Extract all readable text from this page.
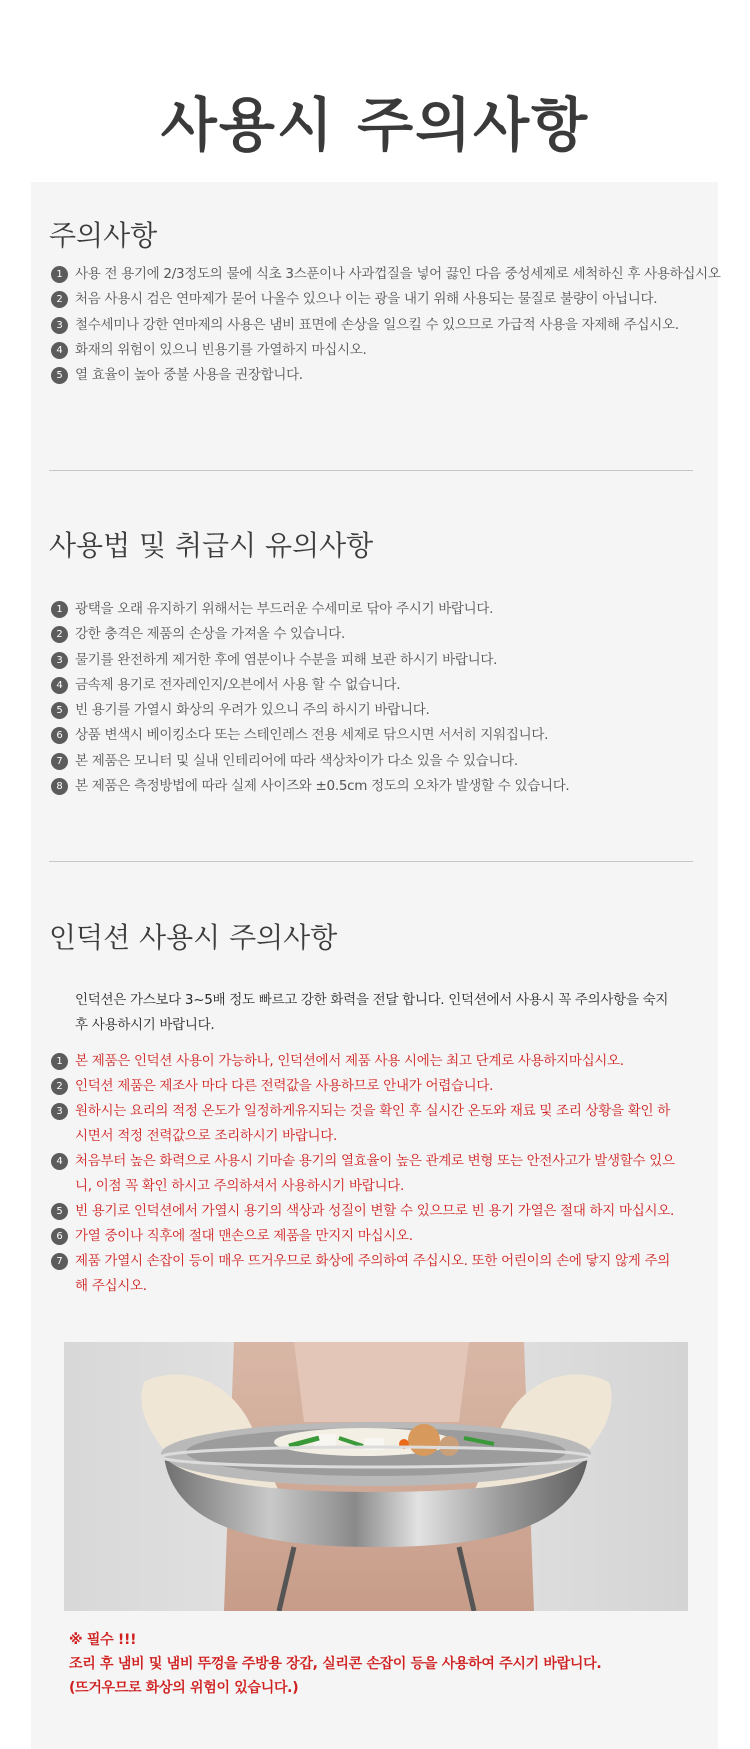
사용시 주의사항
주의사항
1 사용 전 용기에 2/3정도의 물에 식초 3스푼이나 사과껍질을 넣어 끓인 다음 중성세제로 세척하신 후 사용하십시오
2 처음 사용시 검은 연마제가 묻어 나올수 있으나 이는 광을 내기 위해 사용되는 물질로 불량이 아닙니다.
3 철수세미나 강한 연마제의 사용은 냄비 표면에 손상을 일으킬 수 있으므로 가급적 사용을 자제해 주십시오.
4 화재의 위험이 있으니 빈용기를 가열하지 마십시오.
5 열 효율이 높아 중불 사용을 권장합니다.
사용법 및 취급시 유의사항
1 광택을 오래 유지하기 위해서는 부드러운 수세미로 닦아 주시기 바랍니다.
2 강한 충격은 제품의 손상을 가져올 수 있습니다.
3 물기를 완전하게 제거한 후에 염분이나 수분을 피해 보관 하시기 바랍니다.
4 금속제 용기로 전자레인지/오븐에서 사용 할 수 없습니다.
5 빈 용기를 가열시 화상의 우려가 있으니 주의 하시기 바랍니다.
6 상품 변색시 베이킹소다 또는 스테인레스 전용 세제로 닦으시면 서서히 지워집니다.
7 본 제품은 모니터 및 실내 인테리어에 따라 색상차이가 다소 있을 수 있습니다.
8 본 제품은 측정방법에 따라 실제 사이즈와 ±0.5cm 정도의 오차가 발생할 수 있습니다.
인덕션 사용시 주의사항

인덕션은 가스보다 3~5배 정도 빠르고 강한 화력을 전달 합니다. 인덕션에서 사용시 꼭 주의사항을 숙지 후 사용하시기 바랍니다.

1 본 제품은 인덕션 사용이 가능하나, 인덕션에서 제품 사용 시에는 최고 단계로 사용하지마십시오.
2 인덕션 제품은 제조사 마다 다른 전력값을 사용하므로 안내가 어렵습니다.
3 원하시는 요리의 적정 온도가 일정하게유지되는 것을 확인 후 실시간 온도와 재료 및 조리 상황을 확인 하시면서 적정 전력값으로 조리하시기 바랍니다.
4 처음부터 높은 화력으로 사용시 기마솥 용기의 열효율이 높은 관계로 변형 또는 안전사고가 발생할수 있으니, 이점 꼭 확인 하시고 주의하셔서 사용하시기 바랍니다.
5 빈 용기로 인덕션에서 가열시 용기의 색상과 성질이 변할 수 있으므로 빈 용기 가열은 절대 하지 마십시오.
6 가열 중이나 직후에 절대 맨손으로 제품을 만지지 마십시오.
7 제품 가열시 손잡이 등이 매우 뜨거우므로 화상에 주의하여 주십시오. 또한 어린이의 손에 닿지 않게 주의해 주십시오.
※ 필수 !!!
조리 후 냄비 및 냄비 뚜껑을 주방용 장갑, 실리콘 손잡이 등을 사용하여 주시기 바랍니다.
(뜨거우므로 화상의 위험이 있습니다.)
